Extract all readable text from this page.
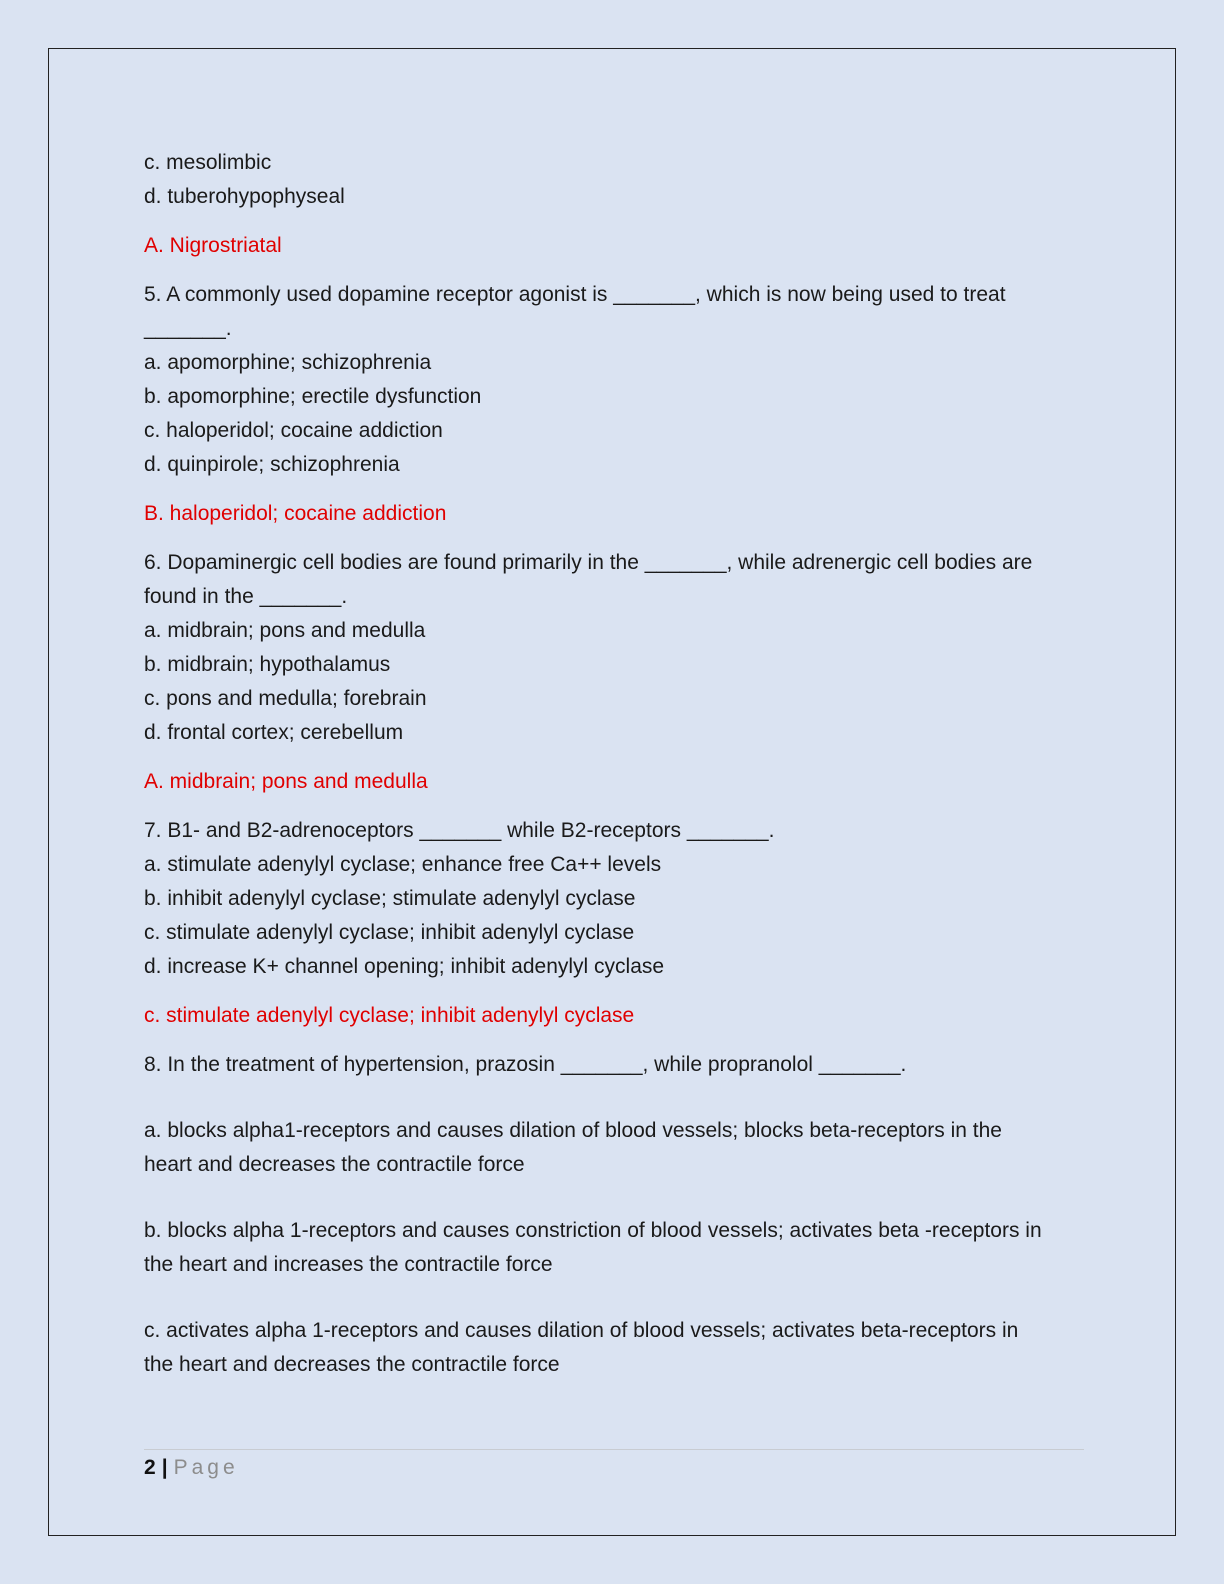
c. mesolimbic
d. tuberohypophyseal
A. Nigrostriatal
5. A commonly used dopamine receptor agonist is _______, which is now being used to treat
_______.
a. apomorphine; schizophrenia
b. apomorphine; erectile dysfunction
c. haloperidol; cocaine addiction
d. quinpirole; schizophrenia
B. haloperidol; cocaine addiction
6. Dopaminergic cell bodies are found primarily in the _______, while adrenergic cell bodies are
found in the _______.
a. midbrain; pons and medulla
b. midbrain; hypothalamus
c. pons and medulla; forebrain
d. frontal cortex; cerebellum
A. midbrain; pons and medulla
7. B1- and B2-adrenoceptors _______ while B2-receptors _______.
a. stimulate adenylyl cyclase; enhance free Ca++ levels
b. inhibit adenylyl cyclase; stimulate adenylyl cyclase
c. stimulate adenylyl cyclase; inhibit adenylyl cyclase
d. increase K+ channel opening; inhibit adenylyl cyclase
c. stimulate adenylyl cyclase; inhibit adenylyl cyclase
8. In the treatment of hypertension, prazosin _______, while propranolol _______.
a. blocks alpha1-receptors and causes dilation of blood vessels; blocks beta-receptors in the
heart and decreases the contractile force
b. blocks alpha 1-receptors and causes constriction of blood vessels; activates beta -receptors in
the heart and increases the contractile force
c. activates alpha 1-receptors and causes dilation of blood vessels; activates beta-receptors in
the heart and decreases the contractile force
2 | Page
